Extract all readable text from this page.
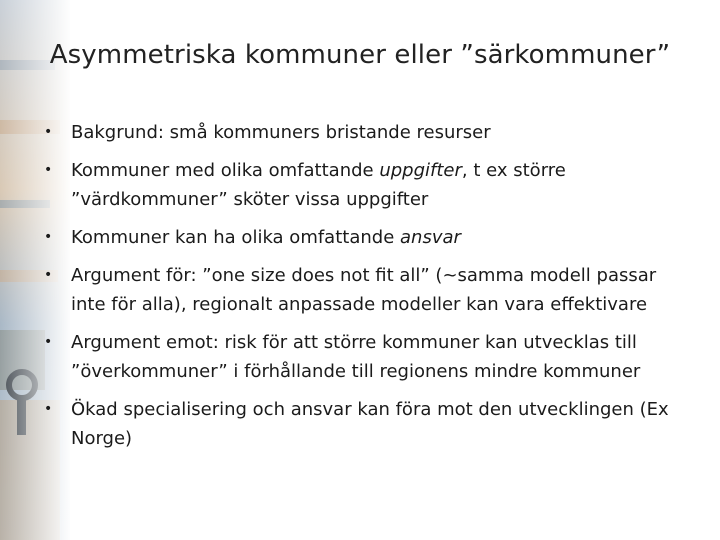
Asymmetriska kommuner eller ”särkommuner”
• Bakgrund: små kommuners bristande resurser
• Kommuner med olika omfattande uppgifter, t ex större ”värdkommuner” sköter vissa uppgifter
• Kommuner kan ha olika omfattande ansvar
• Argument för: ”one size does not fit all” (~samma modell passar inte för alla), regionalt anpassade modeller kan vara effektivare
• Argument emot: risk för att större kommuner kan utvecklas till ”överkommuner” i förhållande till regionens mindre kommuner
• Ökad specialisering och ansvar kan föra mot den utvecklingen (Ex Norge)
